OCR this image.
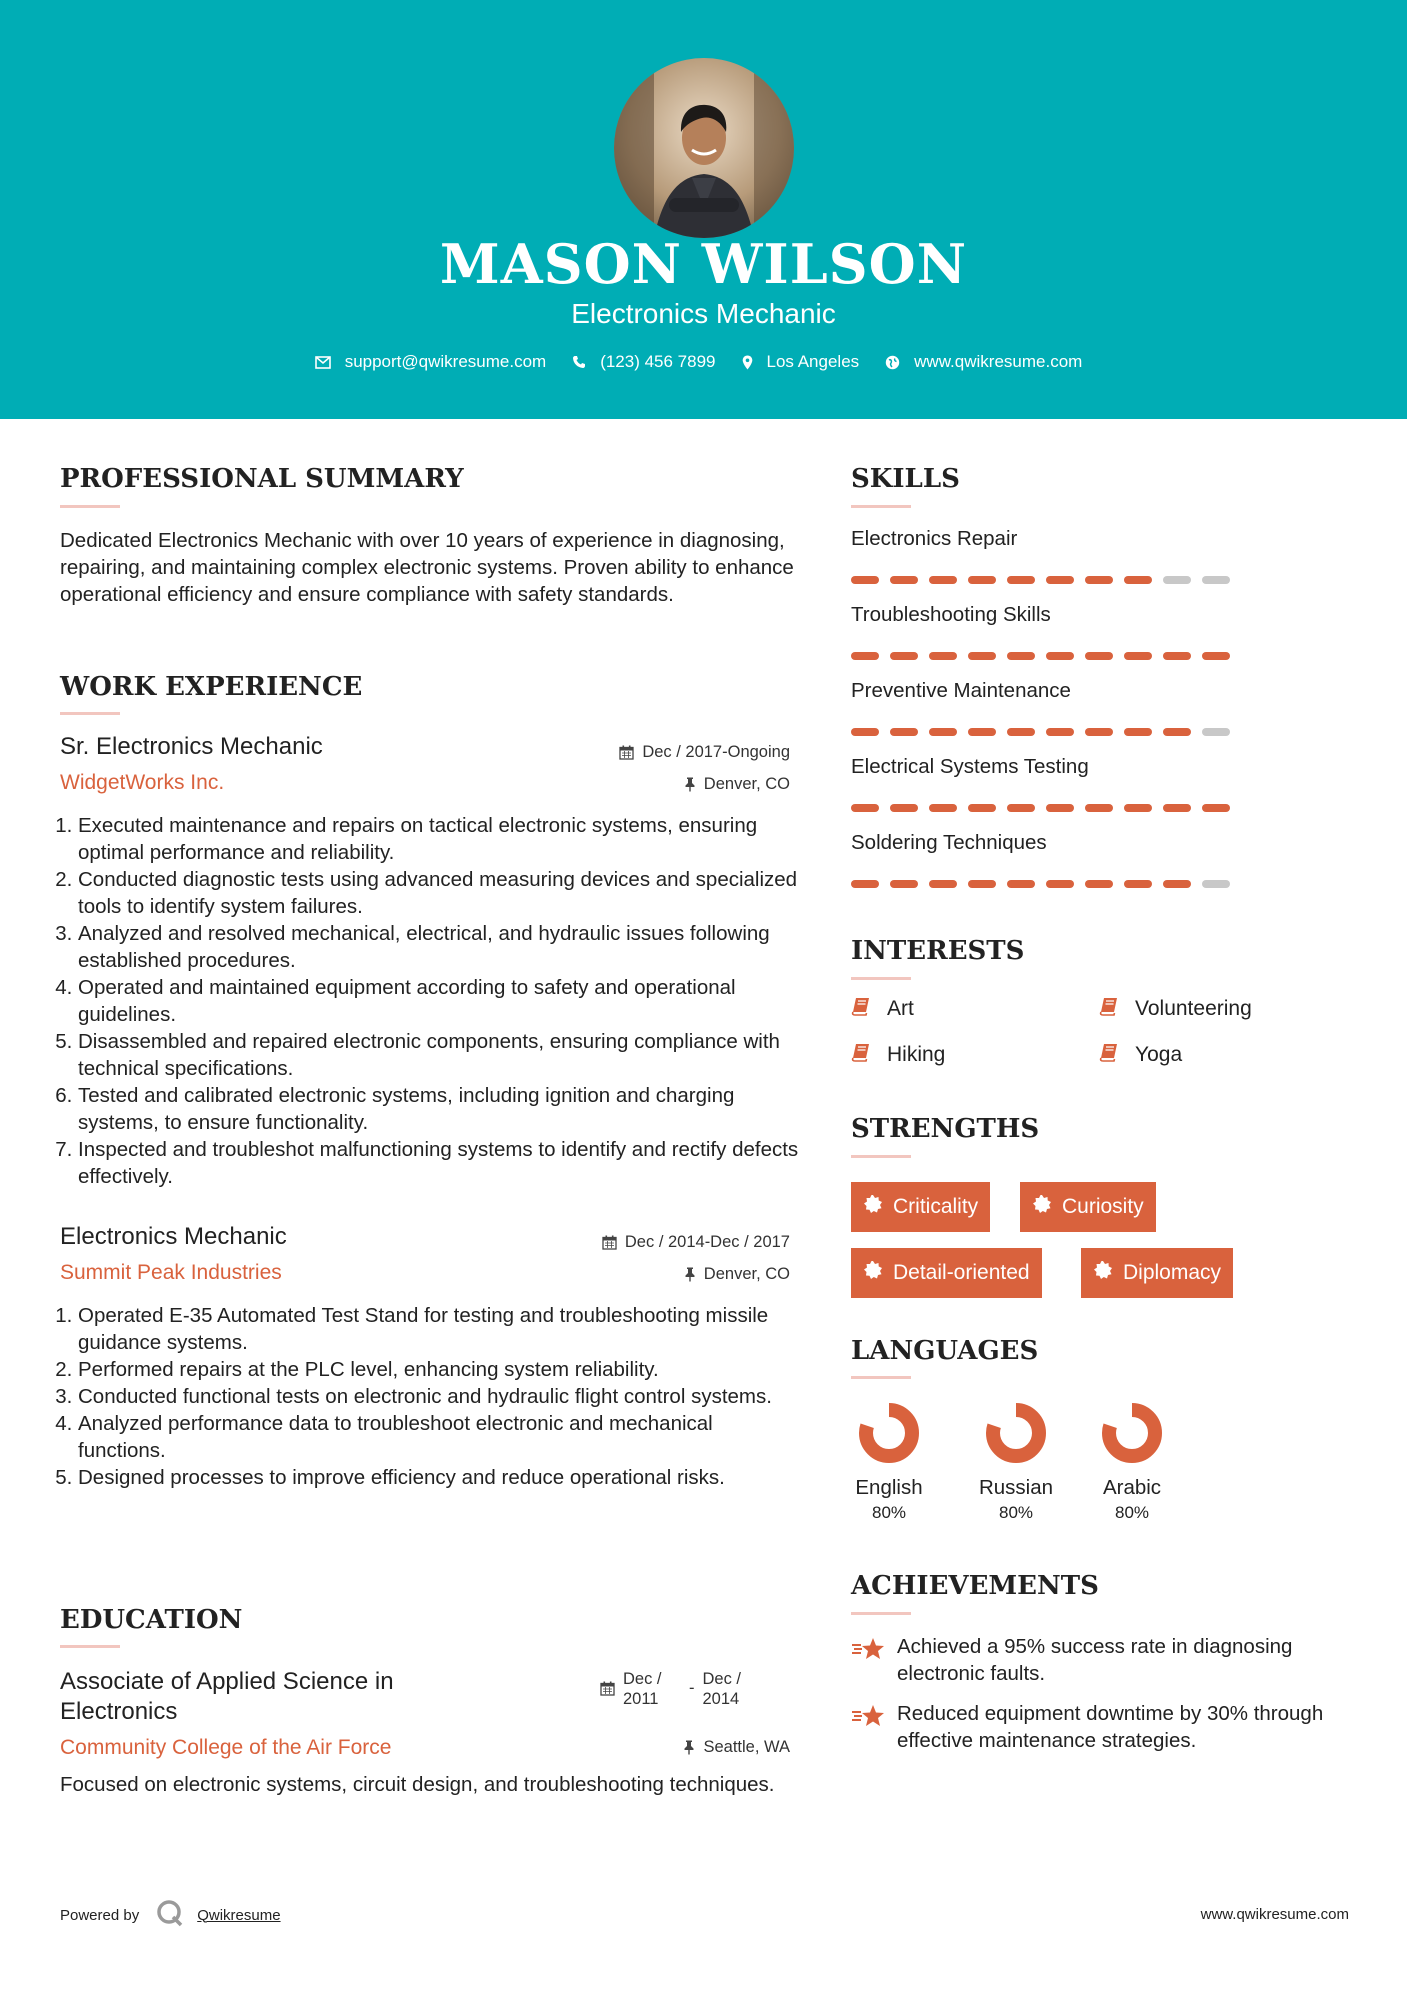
MASON WILSON
Electronics Mechanic
support@qwikresume.com	(123) 456 7899	Los Angeles	www.qwikresume.com
PROFESSIONAL SUMMARY
Dedicated Electronics Mechanic with over 10 years of experience in diagnosing, repairing, and maintaining complex electronic systems. Proven ability to enhance operational efficiency and ensure compliance with safety standards.
WORK EXPERIENCE
Sr. Electronics Mechanic
WidgetWorks Inc.
Dec / 2017-Ongoing
Denver, CO
1. Executed maintenance and repairs on tactical electronic systems, ensuring optimal performance and reliability.
2. Conducted diagnostic tests using advanced measuring devices and specialized tools to identify system failures.
3. Analyzed and resolved mechanical, electrical, and hydraulic issues following established procedures.
4. Operated and maintained equipment according to safety and operational guidelines.
5. Disassembled and repaired electronic components, ensuring compliance with technical specifications.
6. Tested and calibrated electronic systems, including ignition and charging systems, to ensure functionality.
7. Inspected and troubleshot malfunctioning systems to identify and rectify defects effectively.
Electronics Mechanic
Summit Peak Industries
Dec / 2014-Dec / 2017
Denver, CO
1. Operated E-35 Automated Test Stand for testing and troubleshooting missile guidance systems.
2. Performed repairs at the PLC level, enhancing system reliability.
3. Conducted functional tests on electronic and hydraulic flight control systems.
4. Analyzed performance data to troubleshoot electronic and mechanical functions.
5. Designed processes to improve efficiency and reduce operational risks.
EDUCATION
Associate of Applied Science in Electronics
Dec / 2011
- Dec / 2014
Community College of the Air Force	Seattle, WA
Focused on electronic systems, circuit design, and troubleshooting techniques.
SKILLS
Electronics Repair
Troubleshooting Skills
Preventive Maintenance
Electrical Systems Testing
Soldering Techniques
INTERESTS
Art	Volunteering
Hiking	Yoga
STRENGTHS
Criticality	Curiosity
Detail-oriented	Diplomacy
LANGUAGES
English
80%
Russian
80%
Arabic
80%
ACHIEVEMENTS
Achieved a 95% success rate in diagnosing electronic faults.
Reduced equipment downtime by 30% through effective maintenance strategies.
Powered by	Qwikresume	www.qwikresume.com
